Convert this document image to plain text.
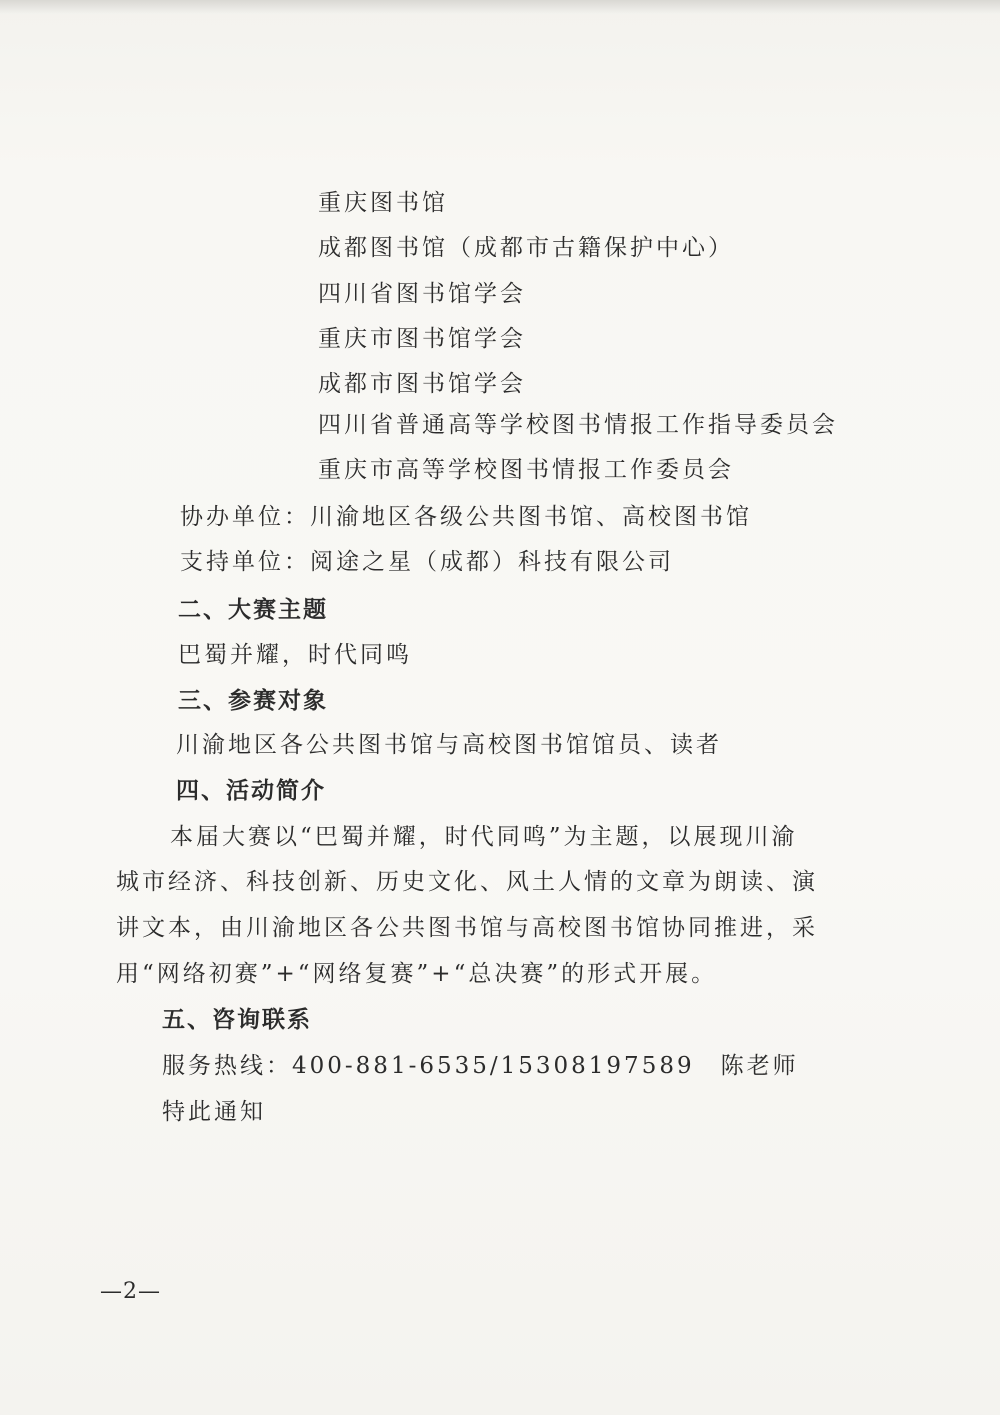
重庆图书馆
成都图书馆（成都市古籍保护中心）
四川省图书馆学会
重庆市图书馆学会
成都市图书馆学会
四川省普通高等学校图书情报工作指导委员会
重庆市高等学校图书情报工作委员会
协办单位：川渝地区各级公共图书馆、高校图书馆
支持单位：阅途之星（成都）科技有限公司
二、大赛主题
巴蜀并耀，时代同鸣
三、参赛对象
川渝地区各公共图书馆与高校图书馆馆员、读者
四、活动简介
本届大赛以“巴蜀并耀，时代同鸣”为主题，以展现川渝
城市经济、科技创新、历史文化、风土人情的文章为朗读、演
讲文本，由川渝地区各公共图书馆与高校图书馆协同推进，采
用“网络初赛”+“网络复赛”+“总决赛”的形式开展。
五、咨询联系
服务热线：400-881-6535/15308197589　陈老师
特此通知
—2—
